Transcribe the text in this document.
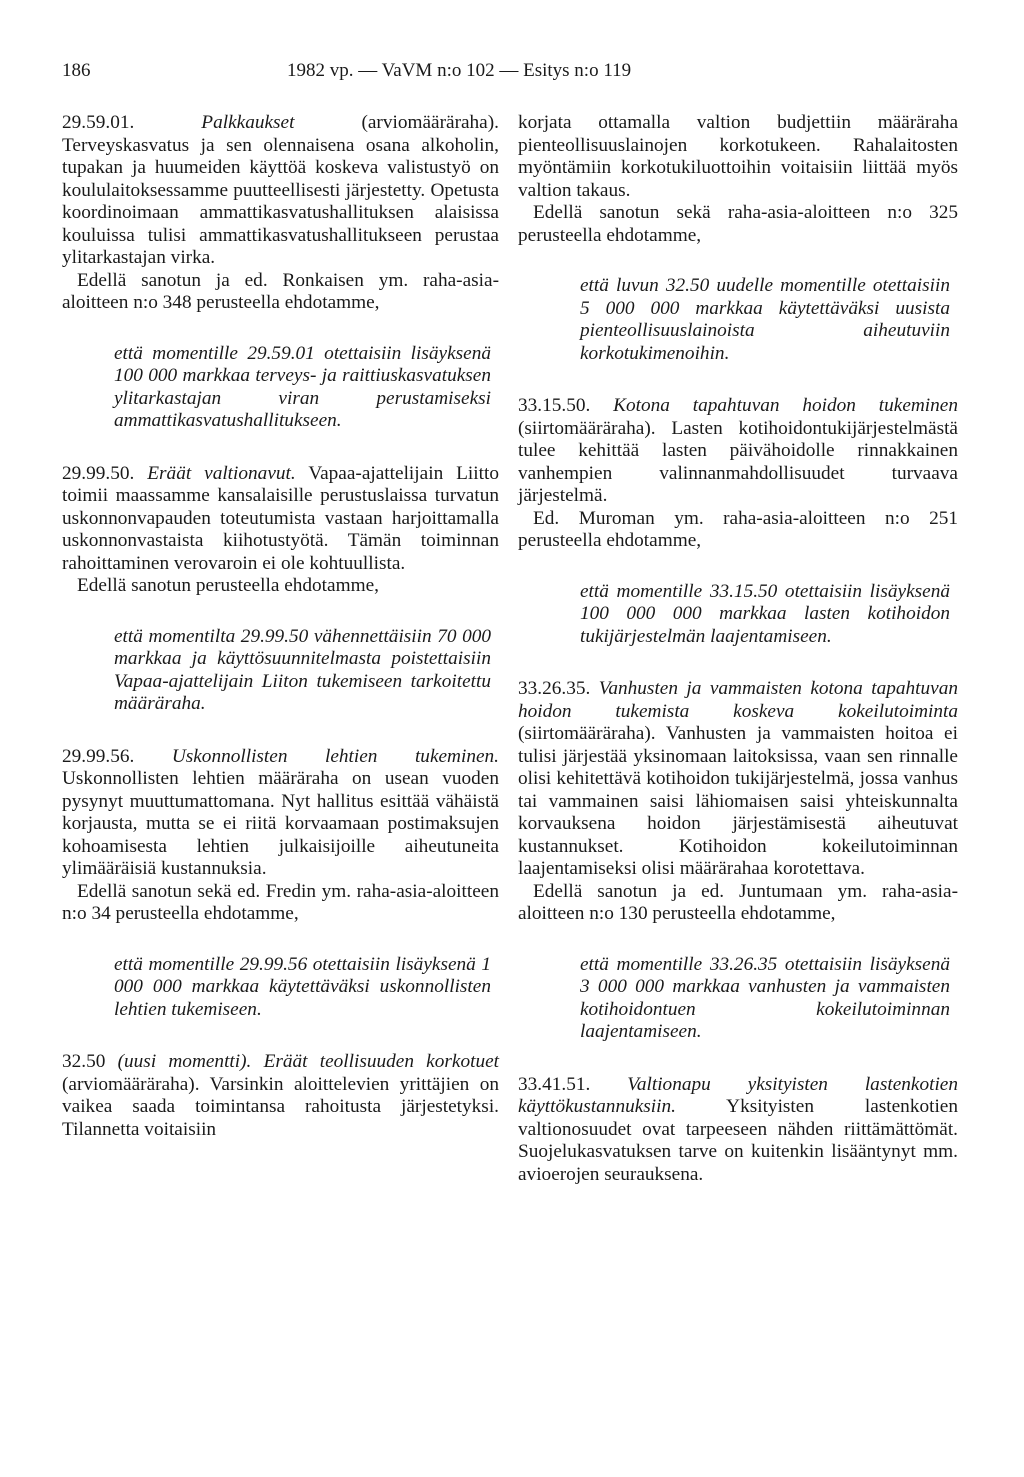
186	1982 vp. — VaVM n:o 102 — Esitys n:o 119

29.59.01.	Palkkaukset	(arviomääräraha). Terveyskasvatus ja sen olennaisena osana alkoholin, tupakan ja huumeiden käyttöä koskeva valistustyö on koululaitoksessamme puutteellisesti järjestetty. Opetusta koordinoimaan ammattikasvatushallituksen alaisissa kouluissa tulisi ammattikasvatushallitukseen perustaa ylitarkastajan virka.

Edellä sanotun ja ed. Ronkaisen ym. raha-asia-aloitteen n:o 348 perusteella ehdotamme,

että momentille 29.59.01 otettaisiin lisäyksenä 100 000 markkaa terveys- ja raittiuskasvatuksen ylitarkastajan viran perustamiseksi ammattikasvatushallitukseen.

29.99.50. Eräät valtionavut. Vapaa-ajattelijain Liitto toimii maassamme kansalaisille perustuslaissa turvatun uskonnonvapauden toteutumista vastaan harjoittamalla uskonnonvastaista kiihotustyötä. Tämän toiminnan rahoittaminen verovaroin ei ole kohtuullista.

Edellä sanotun perusteella ehdotamme,

että momentilta 29.99.50 vähennettäisiin 70 000 markkaa ja käyttösuunnitelmasta poistettaisiin Vapaa-ajattelijain Liiton tukemiseen tarkoitettu määräraha.

29.99.56. Uskonnollisten lehtien tukeminen. Uskonnollisten lehtien määräraha on usean vuoden pysynyt muuttumattomana. Nyt hallitus esittää vähäistä korjausta, mutta se ei riitä korvaamaan postimaksujen kohoamisesta lehtien julkaisijoille aiheutuneita ylimääräisiä kustannuksia.

Edellä sanotun sekä ed. Fredin ym. raha-asia-aloitteen n:o 34 perusteella ehdotamme,

että momentille 29.99.56 otettaisiin lisäyksenä 1 000 000 markkaa käytettäväksi uskonnollisten lehtien tukemiseen.

32.50 (uusi momentti). Eräät teollisuuden korkotuet (arviomääräraha). Varsinkin aloittelevien yrittäjien on vaikea saada toimintansa rahoitusta järjestetyksi. Tilannetta voitaisiin

korjata ottamalla valtion budjettiin määräraha pienteollisuuslainojen korkotukeen. Rahalaitosten myöntämiin korkotukiluottoihin voitaisiin liittää myös valtion takaus.

Edellä sanotun sekä raha-asia-aloitteen n:o 325 perusteella ehdotamme,

että luvun 32.50 uudelle momentille otettaisiin 5 000 000 markkaa käytettäväksi uusista pienteollisuuslainoista aiheutuviin korkotukimenoihin.

33.15.50. Kotona tapahtuvan hoidon tukeminen (siirtomääräraha). Lasten kotihoidontukijärjestelmästä tulee kehittää lasten päivähoidolle rinnakkainen vanhempien valinnanmahdollisuudet turvaava järjestelmä.

Ed. Muroman ym. raha-asia-aloitteen n:o 251 perusteella ehdotamme,

että momentille 33.15.50 otettaisiin lisäyksenä 100 000 000 markkaa lasten kotihoidon tukijärjestelmän laajentamiseen.

33.26.35. Vanhusten ja vammaisten kotona tapahtuvan hoidon tukemista koskeva kokeilutoiminta (siirtomääräraha). Vanhusten ja vammaisten hoitoa ei tulisi järjestää yksinomaan laitoksissa, vaan sen rinnalle olisi kehitettävä kotihoidon tukijärjestelmä, jossa vanhus tai vammainen saisi lähiomaisen saisi yhteiskunnalta korvauksena hoidon järjestämisestä aiheutuvat kustannukset. Kotihoidon kokeilutoiminnan laajentamiseksi olisi määrärahaa korotettava.

Edellä sanotun ja ed. Juntumaan ym. raha-asia-aloitteen n:o 130 perusteella ehdotamme,

että momentille 33.26.35 otettaisiin lisäyksenä 3 000 000 markkaa vanhusten ja vammaisten kotihoidontuen kokeilutoiminnan laajentamiseen.

33.41.51. Valtionapu yksityisten lastenkotien käyttökustannuksiin.	Yksityisten lastenkotien valtionosuudet ovat tarpeeseen nähden riittämättömät. Suojelukasvatuksen tarve on kuitenkin lisääntynyt mm. avioerojen seurauksena.
